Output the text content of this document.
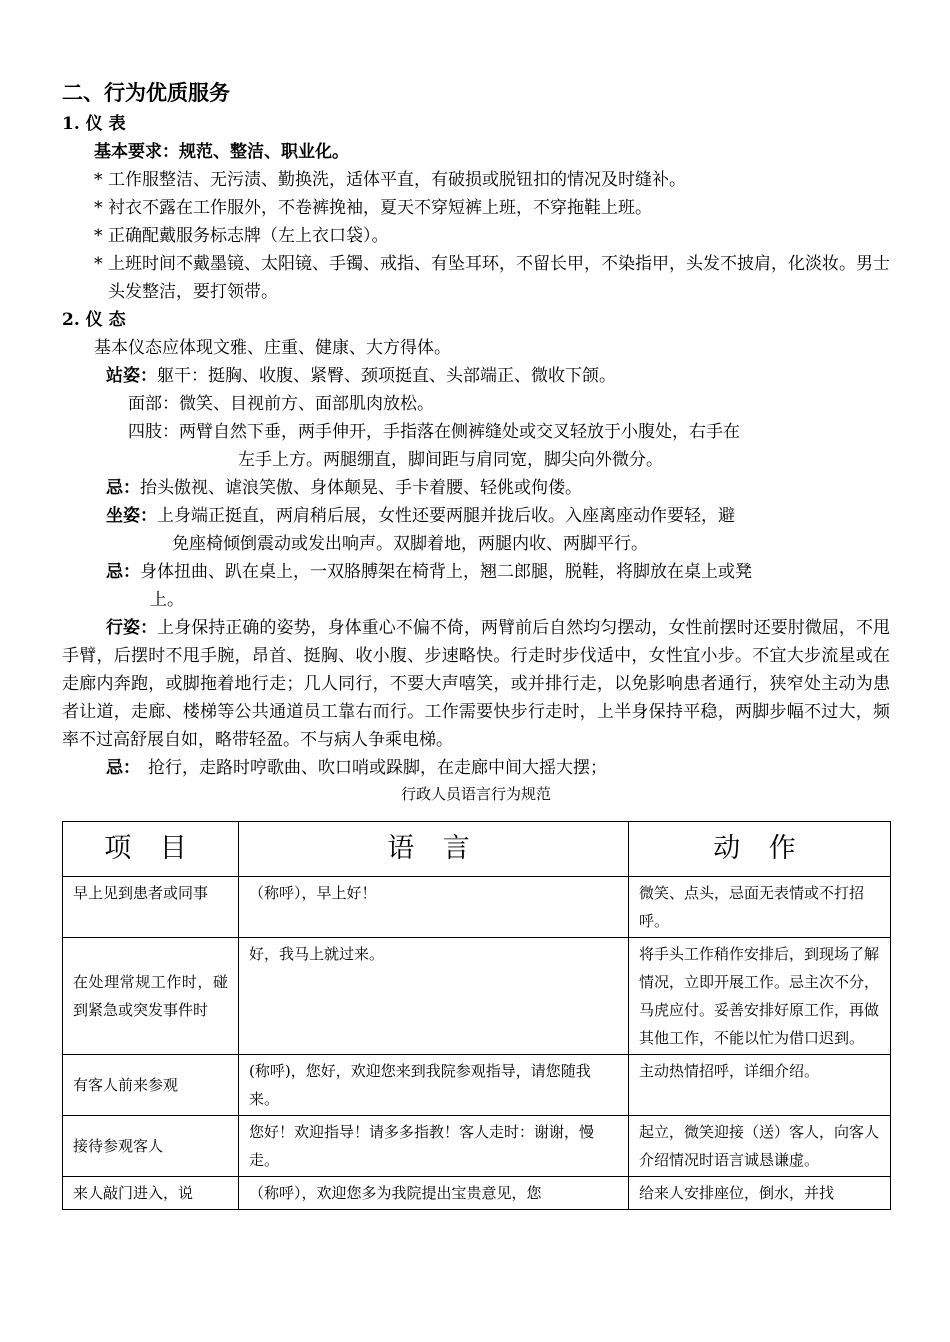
二、行为优质服务

1. 仪 表

基本要求：规范、整洁、职业化。

* 工作服整洁、无污渍、勤换洗，适体平直，有破损或脱钮扣的情况及时缝补。
* 衬衣不露在工作服外，不卷裤挽袖，夏天不穿短裤上班，不穿拖鞋上班。
* 正确配戴服务标志牌（左上衣口袋）。
* 上班时间不戴墨镜、太阳镜、手镯、戒指、有坠耳环，不留长甲，不染指甲，头发不披肩，化淡妆。男士头发整洁，要打领带。

2. 仪 态

基本仪态应体现文雅、庄重、健康、大方得体。

站姿：躯干：挺胸、收腹、紧臀、颈项挺直、头部端正、微收下颌。

面部：微笑、目视前方、面部肌肉放松。

四肢：两臂自然下垂，两手伸开，手指落在侧裤缝处或交叉轻放于小腹处，右手在

左手上方。两腿绷直，脚间距与肩同宽，脚尖向外微分。

忌：抬头傲视、谑浪笑傲、身体颠晃、手卡着腰、轻佻或佝偻。

坐姿：上身端正挺直，两肩稍后展，女性还要两腿并拢后收。入座离座动作要轻，避

免座椅倾倒震动或发出响声。双脚着地，两腿内收、两脚平行。

忌：身体扭曲、趴在桌上，一双胳膊架在椅背上，翘二郎腿，脱鞋，将脚放在桌上或凳

上。

行姿：上身保持正确的姿势，身体重心不偏不倚，两臂前后自然均匀摆动，女性前摆时还要肘微屈，不甩手臂，后摆时不甩手腕，昂首、挺胸、收小腹、步速略快。行走时步伐适中，女性宜小步。不宜大步流星或在走廊内奔跑，或脚拖着地行走；几人同行，不要大声嘻笑，或并排行走，以免影响患者通行，狭窄处主动为患者让道，走廊、楼梯等公共通道员工靠右而行。工作需要快步行走时，上半身保持平稳，两脚步幅不过大，频率不过高舒展自如，略带轻盈。不与病人争乘电梯。

忌： 抢行，走路时哼歌曲、吹口哨或跺脚，在走廊中间大摇大摆；

行政人员语言行为规范

项 目	语 言	动 作
早上见到患者或同事	（称呼），早上好！	微笑、点头，忌面无表情或不打招呼。
在处理常规工作时，碰到紧急或突发事件时	好，我马上就过来。	将手头工作稍作安排后，到现场了解情况，立即开展工作。忌主次不分，马虎应付。妥善安排好原工作，再做其他工作，不能以忙为借口迟到。
有客人前来参观	(称呼)，您好，欢迎您来到我院参观指导，请您随我来。	主动热情招呼，详细介绍。
接待参观客人	您好！欢迎指导！请多多指教！客人走时：谢谢，慢走。	起立，微笑迎接（送）客人，向客人介绍情况时语言诚恳谦虚。
来人敲门进入，说	（称呼），欢迎您多为我院提出宝贵意见，您	给来人安排座位，倒水，并找
